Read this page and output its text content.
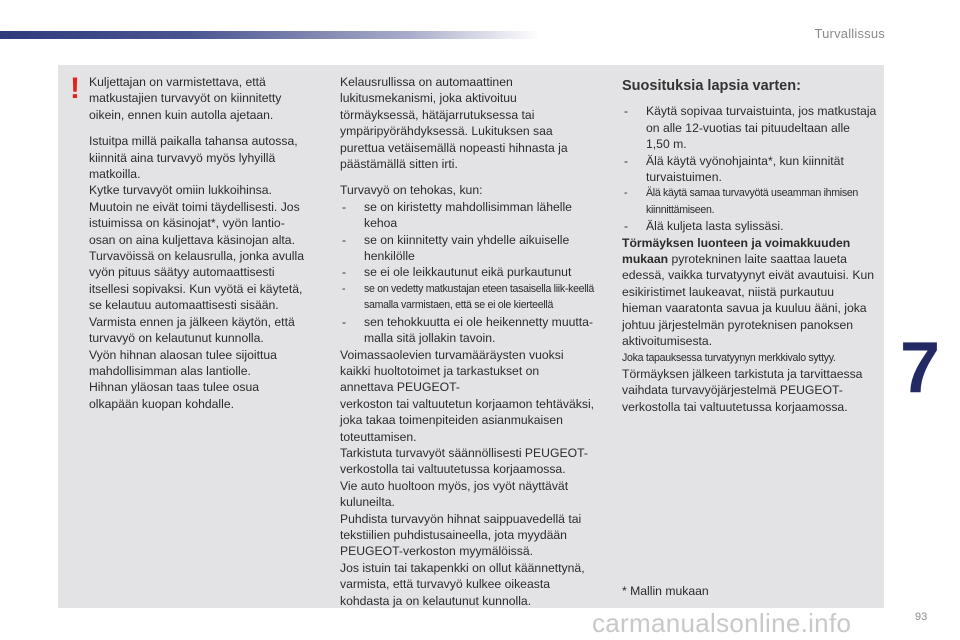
Turvallissus
7
! Kuljettajan on varmistettava, että matkustajien turvavyöt on kiinnitetty oikein, ennen kuin autolla ajetaan.

Istuitpa millä paikalla tahansa autossa,
kiinnitä aina turvavyö myös lyhyillä
matkoilla.
Kytke turvavyöt omiin lukkoihinsa.
Muutoin ne eivät toimi täydellisesti. Jos
istuimissa on käsinojat*, vyön lantio-
osan on aina kuljettava käsinojan alta.
Turvavöissä on kelausrulla, jonka avulla
vyön pituus säätyy automaattisesti
itsellesi sopivaksi. Kun vyötä ei käytetä,
se kelautuu automaattisesti sisään.
Varmista ennen ja jälkeen käytön, että
turvavyö on kelautunut kunnolla.
Vyön hihnan alaosan tulee sijoittua
mahdollisimman alas lantiolle.
Hihnan yläosan taas tulee osua
olkapään kuopan kohdalle.

Kelausrullissa on automaattinen lukitusmekanismi, joka aktivoituu törmäyksessä, hätäjarrutuksessa tai ympäripyörähdyksessä. Lukituksen saa purettua vetäisemällä nopeasti hihnasta ja päästämällä sitten irti.

Turvavyö on tehokas, kun:

- se on kiristetty mahdollisimman lähelle kehoa
- se on kiinnitetty vain yhdelle aikuiselle henkilölle
- se ei ole leikkautunut eikä purkautunut
- se on vedetty matkustajan eteen tasaisella liik-keellä samalla varmistaen, että se ei ole kierteellä
- sen tehokkuutta ei ole heikennetty muutta-malla sitä jollakin tavoin.

Voimassaolevien turvamääräysten vuoksi kaikki huoltotoimet ja tarkastukset on annettava PEUGEOT-

verkoston tai valtuutetun korjaamon tehtäväksi, joka takaa toimenpiteiden asianmukaisen toteuttamisen.

Tarkistuta turvavyöt säännöllisesti PEUGEOT-verkostolla tai valtuutetussa korjaamossa.

Vie auto huoltoon myös, jos vyöt näyttävät kuluneilta.

Puhdista turvavyön hihnat saippuavedellä tai tekstiilien puhdistusaineella, jota myydään PEUGEOT-verkoston myymälöissä.

Jos istuin tai takapenkki on ollut käännettynä, varmista, että turvavyö kulkee oikeasta kohdasta ja on kelautunut kunnolla.

Suosituksia lapsia varten:
- Käytä sopivaa turvaistuinta, jos matkustaja on alle 12-vuotias tai pituudeltaan alle 1,50 m.
- Älä käytä vyönohjainta*, kun kiinnität turvaistuimen.
- Älä käytä samaa turvavyötä useamman ihmisen kiinnittämiseen.
- Älä kuljeta lasta sylissäsi.

Törmäyksen luonteen ja voimakkuuden mukaan pyrotekninen laite saattaa laueta edessä, vaikka turvatyynyt eivät avautuisi. Kun esikiristimet laukeavat, niistä purkautuu hieman vaaratonta savua ja kuuluu ääni, joka johtuu järjestelmän pyroteknisen panoksen aktivoitumisesta.

Joka tapauksessa turvatyynyn merkkivalo syttyy.

Törmäyksen jälkeen tarkistuta ja tarvittaessa vaihdata turvavyöjärjestelmä PEUGEOT-verkostolla tai valtuutetussa korjaamossa.

* Mallin mukaan
carmanualsonline.info	93
